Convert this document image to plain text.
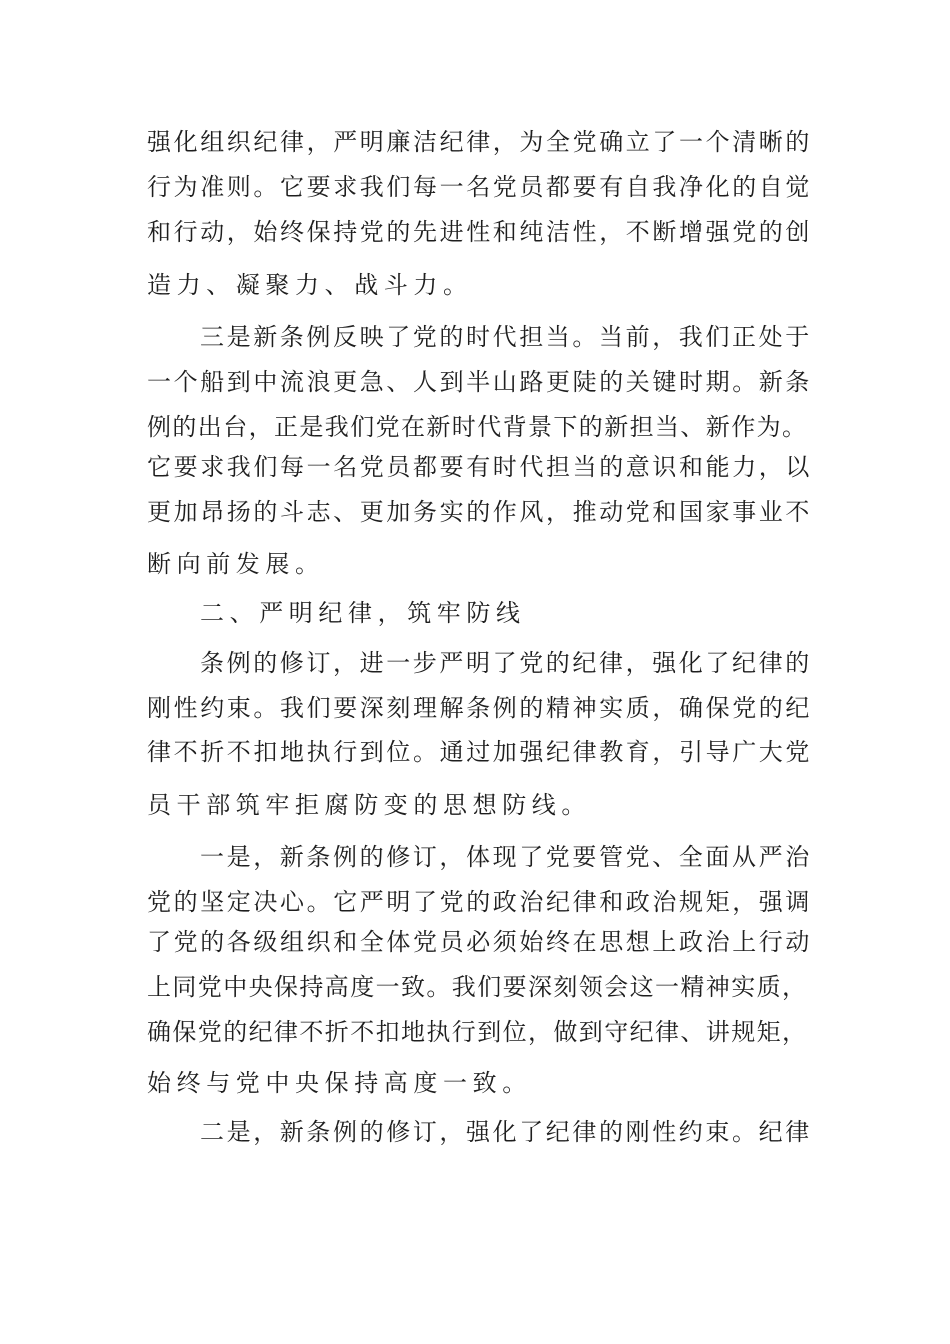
强化组织纪律，严明廉洁纪律，为全党确立了一个清晰的
行为准则。它要求我们每一名党员都要有自我净化的自觉
和行动，始终保持党的先进性和纯洁性，不断增强党的创
造力、凝聚力、战斗力。
三是新条例反映了党的时代担当。当前，我们正处于
一个船到中流浪更急、人到半山路更陡的关键时期。新条
例的出台，正是我们党在新时代背景下的新担当、新作为。
它要求我们每一名党员都要有时代担当的意识和能力，以
更加昂扬的斗志、更加务实的作风，推动党和国家事业不
断向前发展。
二、严明纪律，筑牢防线
条例的修订，进一步严明了党的纪律，强化了纪律的
刚性约束。我们要深刻理解条例的精神实质，确保党的纪
律不折不扣地执行到位。通过加强纪律教育，引导广大党
员干部筑牢拒腐防变的思想防线。
一是，新条例的修订，体现了党要管党、全面从严治
党的坚定决心。它严明了党的政治纪律和政治规矩，强调
了党的各级组织和全体党员必须始终在思想上政治上行动
上同党中央保持高度一致。我们要深刻领会这一精神实质，
确保党的纪律不折不扣地执行到位，做到守纪律、讲规矩，
始终与党中央保持高度一致。
二是，新条例的修订，强化了纪律的刚性约束。纪律
